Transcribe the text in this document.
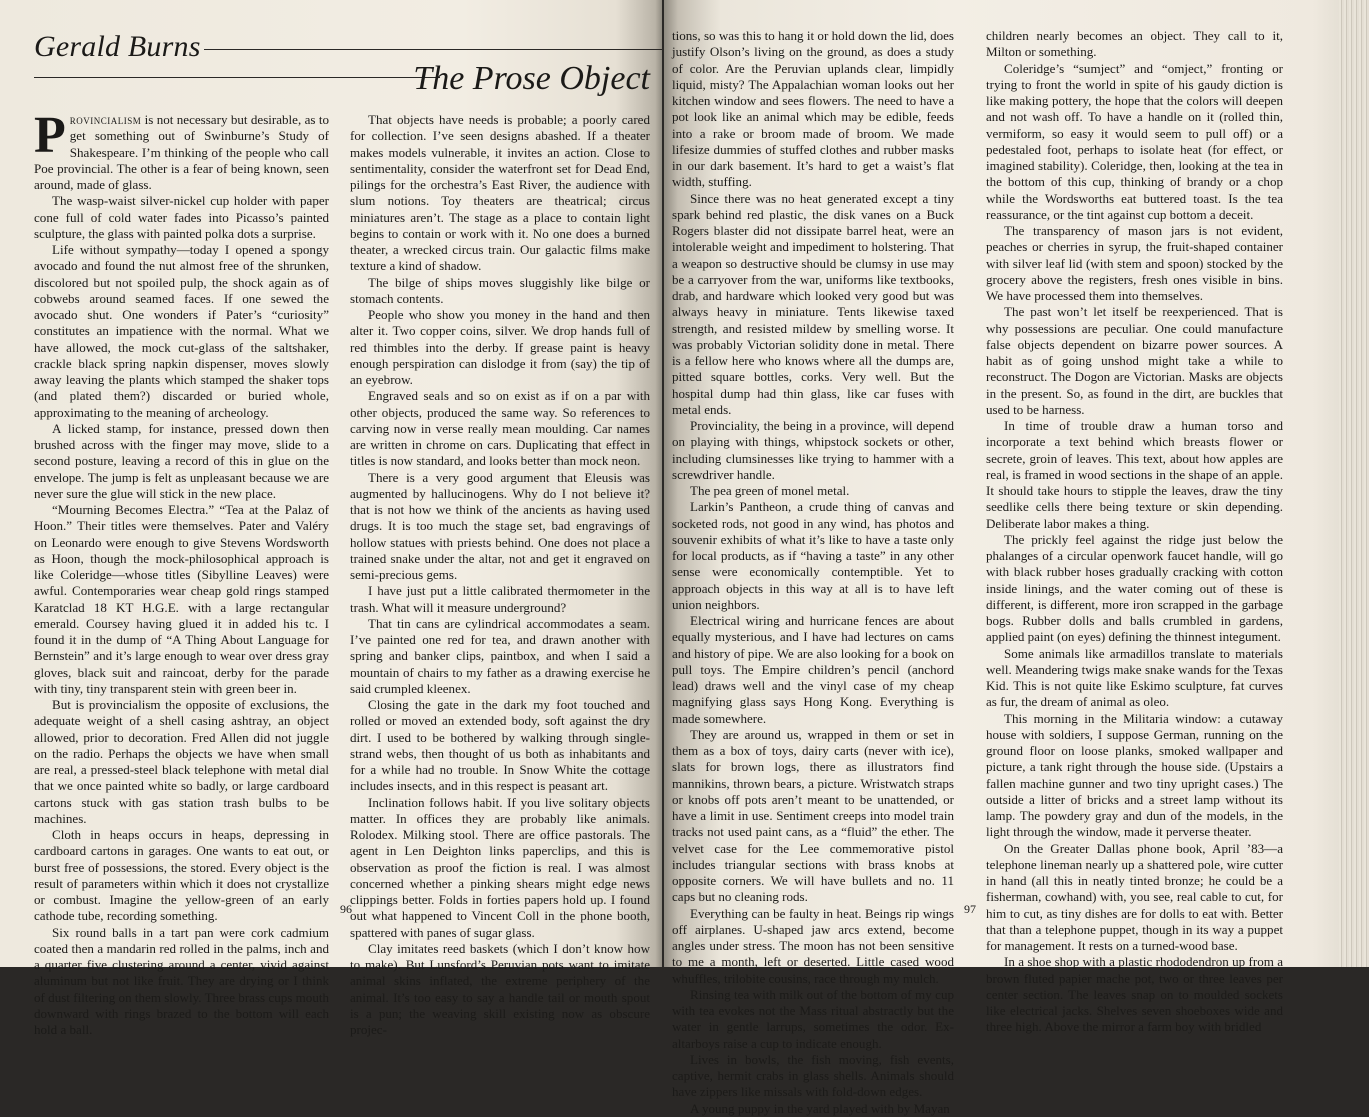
Gerald Burns
The Prose Object

Provincialism is not necessary but desirable, as to get something out of Swinburne’s Study of Shakespeare. I’m thinking of the people who call Poe provincial. The other is a fear of being known, seen around, made of glass.

The wasp-waist silver-nickel cup holder with paper cone full of cold water fades into Picasso’s painted sculpture, the glass with painted polka dots a surprise.

Life without sympathy—today I opened a spongy avocado and found the nut almost free of the shrunken, discolored but not spoiled pulp, the shock again as of cobwebs around seamed faces. If one sewed the avocado shut. One wonders if Pater’s “curiosity” constitutes an impatience with the normal. What we have allowed, the mock cut-glass of the saltshaker, crackle black spring napkin dispenser, moves slowly away leaving the plants which stamped the shaker tops (and plated them?) discarded or buried whole, approximating to the meaning of archeology.

A licked stamp, for instance, pressed down then brushed across with the finger may move, slide to a second posture, leaving a record of this in glue on the envelope. The jump is felt as unpleasant because we are never sure the glue will stick in the new place.

“Mourning Becomes Electra.” “Tea at the Palaz of Hoon.” Their titles were themselves. Pater and Valéry on Leonardo were enough to give Stevens Wordsworth as Hoon, though the mock-philosophical approach is like Coleridge—whose titles (Sibylline Leaves) were awful. Contemporaries wear cheap gold rings stamped Karatclad 18 KT H.G.E. with a large rectangular emerald. Coursey having glued it in added his tc. I found it in the dump of “A Thing About Language for Bernstein” and it’s large enough to wear over dress gray gloves, black suit and raincoat, derby for the parade with tiny, tiny transparent stein with green beer in.

But is provincialism the opposite of exclusions, the adequate weight of a shell casing ashtray, an object allowed, prior to decoration. Fred Allen did not juggle on the radio. Perhaps the objects we have when small are real, a pressed-steel black telephone with metal dial that we once painted white so badly, or large cardboard cartons stuck with gas station trash bulbs to be machines.

Cloth in heaps occurs in heaps, depressing in cardboard cartons in garages. One wants to eat out, or burst free of possessions, the stored. Every object is the result of parameters within which it does not crystallize or combust. Imagine the yellow-green of an early cathode tube, recording something.

Six round balls in a tart pan were cork cadmium coated then a mandarin red rolled in the palms, inch and a quarter five clustering around a center, vivid against aluminum but not like fruit. They are drying or I think of dust filtering on them slowly. Three brass cups mouth downward with rings brazed to the bottom will each hold a ball.

That objects have needs is probable; a poorly cared for collection. I’ve seen designs abashed. If a theater makes models vulnerable, it invites an action. Close to sentimentality, consider the waterfront set for Dead End, pilings for the orchestra’s East River, the audience with slum notions. Toy theaters are theatrical; circus miniatures aren’t. The stage as a place to contain light begins to contain or work with it. No one does a burned theater, a wrecked circus train. Our galactic films make texture a kind of shadow.

The bilge of ships moves sluggishly like bilge or stomach contents.

People who show you money in the hand and then alter it. Two copper coins, silver. We drop hands full of red thimbles into the derby. If grease paint is heavy enough perspiration can dislodge it from (say) the tip of an eyebrow.

Engraved seals and so on exist as if on a par with other objects, produced the same way. So references to carving now in verse really mean moulding. Car names are written in chrome on cars. Duplicating that effect in titles is now standard, and looks better than mock neon.

There is a very good argument that Eleusis was augmented by hallucinogens. Why do I not believe it? that is not how we think of the ancients as having used drugs. It is too much the stage set, bad engravings of hollow statues with priests behind. One does not place a trained snake under the altar, not and get it engraved on semi-precious gems.

I have just put a little calibrated thermometer in the trash. What will it measure underground?

That tin cans are cylindrical accommodates a seam. I’ve painted one red for tea, and drawn another with spring and banker clips, paintbox, and when I said a mountain of chairs to my father as a drawing exercise he said crumpled kleenex.

Closing the gate in the dark my foot touched and rolled or moved an extended body, soft against the dry dirt. I used to be bothered by walking through single-strand webs, then thought of us both as inhabitants and for a while had no trouble. In Snow White the cottage includes insects, and in this respect is peasant art.

Inclination follows habit. If you live solitary objects matter. In offices they are probably like animals. Rolodex. Milking stool. There are office pastorals. The agent in Len Deighton links paperclips, and this is observation as proof the fiction is real. I was almost concerned whether a pinking shears might edge news clippings better. Folds in forties papers hold up. I found out what happened to Vincent Coll in the phone booth, spattered with panes of sugar glass.

Clay imitates reed baskets (which I don’t know how to make). But Lunsford’s Peruvian pots want to imitate animal skins inflated, the extreme periphery of the animal. It’s too easy to say a handle tail or mouth spout is a pun; the weaving skill existing now as obscure projec-

96

tions, so was this to hang it or hold down the lid, does justify Olson’s living on the ground, as does a study of color. Are the Peruvian uplands clear, limpidly liquid, misty? The Appalachian woman looks out her kitchen window and sees flowers. The need to have a pot look like an animal which may be edible, feeds into a rake or broom made of broom. We made lifesize dummies of stuffed clothes and rubber masks in our dark basement. It’s hard to get a waist’s flat width, stuffing.

Since there was no heat generated except a tiny spark behind red plastic, the disk vanes on a Buck Rogers blaster did not dissipate barrel heat, were an intolerable weight and impediment to holstering. That a weapon so destructive should be clumsy in use may be a carryover from the war, uniforms like textbooks, drab, and hardware which looked very good but was always heavy in miniature. Tents likewise taxed strength, and resisted mildew by smelling worse. It was probably Victorian solidity done in metal. There is a fellow here who knows where all the dumps are, pitted square bottles, corks. Very well. But the hospital dump had thin glass, like car fuses with metal ends.

Provinciality, the being in a province, will depend on playing with things, whipstock sockets or other, including clumsinesses like trying to hammer with a screwdriver handle.

The pea green of monel metal.

Larkin’s Pantheon, a crude thing of canvas and socketed rods, not good in any wind, has photos and souvenir exhibits of what it’s like to have a taste only for local products, as if “having a taste” in any other sense were economically contemptible. Yet to approach objects in this way at all is to have left union neighbors.

Electrical wiring and hurricane fences are about equally mysterious, and I have had lectures on cams and history of pipe. We are also looking for a book on pull toys. The Empire children’s pencil (anchord lead) draws well and the vinyl case of my cheap magnifying glass says Hong Kong. Everything is made somewhere.

They are around us, wrapped in them or set in them as a box of toys, dairy carts (never with ice), slats for brown logs, there as illustrators find mannikins, thrown bears, a picture. Wristwatch straps or knobs off pots aren’t meant to be unattended, or have a limit in use. Sentiment creeps into model train tracks not used paint cans, as a “fluid” the ether. The velvet case for the Lee commemorative pistol includes triangular sections with brass knobs at opposite corners. We will have bullets and no. 11 caps but no cleaning rods.

Everything can be faulty in heat. Beings rip wings off airplanes. U-shaped jaw arcs extend, become angles under stress. The moon has not been sensitive to me a month, left or deserted. Little cased wood whuffles, trilobite cousins, race through my mulch.

Rinsing tea with milk out of the bottom of my cup with tea evokes not the Mass ritual abstractly but the water in gentle larrups, sometimes the odor. Ex-altarboys raise a cup to indicate enough.

Lives in bowls, the fish moving, fish events, captive, hermit crabs in glass shells. Animals should have zippers like missals with fold-down edges.

A young puppy in the yard played with by Mayan

children nearly becomes an object. They call to it, Milton or something.

Coleridge’s “sumject” and “omject,” fronting or trying to front the world in spite of his gaudy diction is like making pottery, the hope that the colors will deepen and not wash off. To have a handle on it (rolled thin, vermiform, so easy it would seem to pull off) or a pedestaled foot, perhaps to isolate heat (for effect, or imagined stability). Coleridge, then, looking at the tea in the bottom of this cup, thinking of brandy or a chop while the Wordsworths eat buttered toast. Is the tea reassurance, or the tint against cup bottom a deceit.

The transparency of mason jars is not evident, peaches or cherries in syrup, the fruit-shaped container with silver leaf lid (with stem and spoon) stocked by the grocery above the registers, fresh ones visible in bins. We have processed them into themselves.

The past won’t let itself be reexperienced. That is why possessions are peculiar. One could manufacture false objects dependent on bizarre power sources. A habit as of going unshod might take a while to reconstruct. The Dogon are Victorian. Masks are objects in the present. So, as found in the dirt, are buckles that used to be harness.

In time of trouble draw a human torso and incorporate a text behind which breasts flower or secrete, groin of leaves. This text, about how apples are real, is framed in wood sections in the shape of an apple. It should take hours to stipple the leaves, draw the tiny seedlike cells there being texture or skin depending. Deliberate labor makes a thing.

The prickly feel against the ridge just below the phalanges of a circular openwork faucet handle, will go with black rubber hoses gradually cracking with cotton inside linings, and the water coming out of these is different, is different, more iron scrapped in the garbage bogs. Rubber dolls and balls crumbled in gardens, applied paint (on eyes) defining the thinnest integument.

Some animals like armadillos translate to materials well. Meandering twigs make snake wands for the Texas Kid. This is not quite like Eskimo sculpture, fat curves as fur, the dream of animal as oleo.

This morning in the Militaria window: a cutaway house with soldiers, I suppose German, running on the ground floor on loose planks, smoked wallpaper and picture, a tank right through the house side. (Upstairs a fallen machine gunner and two tiny upright cases.) The outside a litter of bricks and a street lamp without its lamp. The powdery gray and dun of the models, in the light through the window, made it perverse theater.

On the Greater Dallas phone book, April ’83—a telephone lineman nearly up a shattered pole, wire cutter in hand (all this in neatly tinted bronze; he could be a fisherman, cowhand) with, you see, real cable to cut, for him to cut, as tiny dishes are for dolls to eat with. Better that than a telephone puppet, though in its way a puppet for management. It rests on a turned-wood base.

In a shoe shop with a plastic rhododendron up from a brown fluted papier mache pot, two or three leaves per center section. The leaves snap on to moulded sockets like electrical jacks. Shelves seven shoeboxes wide and three high. Above the mirror a farm boy with bridled

97
